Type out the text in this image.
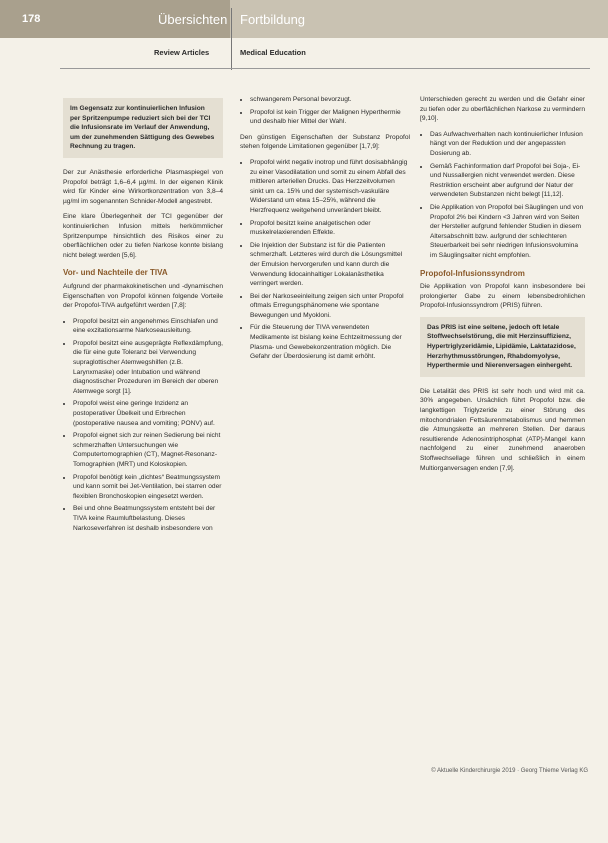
178	Übersichten Fortbildung
Review Articles	Medical Education
Im Gegensatz zur kontinuierlichen Infusion per Spritzenpumpe reduziert sich bei der TCI die Infusionsrate im Verlauf der Anwendung, um der zunehmenden Sättigung des Gewebes Rechnung zu tragen.

Der zur Anästhesie erforderliche Plasmaspiegel von Propofol beträgt 1,6–6,4 µg/ml. In der eigenen Klinik wird für Kinder eine Wirkortkonzentration von 3,8–4 µg/ml im sogenannten Schnider-Modell angestrebt.

Eine klare Überlegenheit der TCI gegenüber der kontinuierlichen Infusion mittels herkömmlicher Spritzenpumpe hinsichtlich des Risikos einer zu oberflächlichen oder zu tiefen Narkose konnte bislang nicht belegt werden [5,6].

Vor- und Nachteile der TIVA

Aufgrund der pharmakokinetischen und -dynamischen Eigenschaften von Propofol können folgende Vorteile der Propofol-TIVA aufgeführt werden [7,8]:

• Propofol besitzt ein angenehmes Einschlafen und eine exzitationsarme Narkoseausleitung.
• Propofol besitzt eine ausgeprägte Reflexdämpfung, die für eine gute Toleranz bei Verwendung supraglottischer Atemwegshilfen (z.B. Larynxmaske) oder Intubation und während diagnostischer Prozeduren im Bereich der oberen Atemwege sorgt [1].
• Propofol weist eine geringe Inzidenz an postoperativer Übelkeit und Erbrechen (postoperative nausea and vomiting; PONV) auf.
• Propofol eignet sich zur reinen Sedierung bei nicht schmerzhaften Untersuchungen wie Computertomographien (CT), Magnet-Resonanz-Tomographien (MRT) und Koloskopien.
• Propofol benötigt kein „dichtes“ Beatmungssystem und kann somit bei Jet-Ventilation, bei starren oder flexiblen Bronchoskopien eingesetzt werden.
• Bei und ohne Beatmungssystem entsteht bei der TIVA keine Raumluftbelastung. Dieses Narkoseverfahren ist deshalb insbesondere von
• schwangerem Personal bevorzugt.
• Propofol ist kein Trigger der Malignen Hyperthermie und deshalb hier Mittel der Wahl.

Den günstigen Eigenschaften der Substanz Propofol stehen folgende Limitationen gegenüber [1,7,9]:

• Propofol wirkt negativ inotrop und führt dosisabhängig zu einer Vasodilatation und somit zu einem Abfall des mittleren arteriellen Drucks. Das Herzzeitvolumen sinkt um ca. 15% und der systemisch-vaskuläre Widerstand um etwa 15–25%, während die Herzfrequenz weitgehend unverändert bleibt.
• Propofol besitzt keine analgetischen oder muskelrelaxierenden Effekte.
• Die Injektion der Substanz ist für die Patienten schmerzhaft. Letzteres wird durch die Lösungsmittel der Emulsion hervorgerufen und kann durch die Verwendung lidocainhaltiger Lokalanästhetika verringert werden.
• Bei der Narkoseeinleitung zeigen sich unter Propofol oftmals Erregungsphänomene wie spontane Bewegungen und Myokloni.
• Für die Steuerung der TIVA verwendeten Medikamente ist bislang keine Echtzeitmessung der Plasma- und Gewebekonzentration möglich. Die Gefahr der Überdosierung ist damit erhöht.

Unterschieden gerecht zu werden und die Gefahr einer zu tiefen oder zu oberflächlichen Narkose zu vermindern [9,10].

• Das Aufwachverhalten nach kontinuierlicher Infusion hängt von der Reduktion und der angepassten Dosierung ab.
• Gemäß Fachinformation darf Propofol bei Soja-, Ei- und Nussallergien nicht verwendet werden. Diese Restriktion erscheint aber aufgrund der Natur der verwendeten Substanzen nicht belegt [11,12].
• Die Applikation von Propofol bei Säuglingen und von Propofol 2% bei Kindern <3 Jahren wird von Seiten der Hersteller aufgrund fehlender Studien in diesem Altersabschnitt bzw. aufgrund der schlechteren Steuerbarkeit bei sehr niedrigen Infusionsvolumina im Säuglingsalter nicht empfohlen.
Propofol-Infusionssyndrom

Die Applikation von Propofol kann insbesondere bei prolongierter Gabe zu einem lebensbedrohlichen Propofol-Infusionssyndrom (PRIS) führen.

Das PRIS ist eine seltene, jedoch oft letale Stoffwechselstörung, die mit Herzinsuffizienz, Hypertriglyzeridämie, Lipidämie, Laktatazidose, Herzrhythmusstörungen, Rhabdomyolyse, Hyperthermie und Nierenversagen einhergeht.

Die Letalität des PRIS ist sehr hoch und wird mit ca. 30% angegeben. Ursächlich führt Propofol bzw. die langkettigen Triglyzeride zu einer Störung des mitochondrialen Fettsäurenmetabolismus und hemmen die Atmungskette an mehreren Stellen. Der daraus resultierende Adenosintriphosphat (ATP)-Mangel kann nachfolgend zu einer zunehmend anaeroben Stoffwechsellage führen und schließlich in einem Multiorganversagen enden [7,9].

© Aktuelle Kinderchirurgie 2019 · Georg Thieme Verlag KG
